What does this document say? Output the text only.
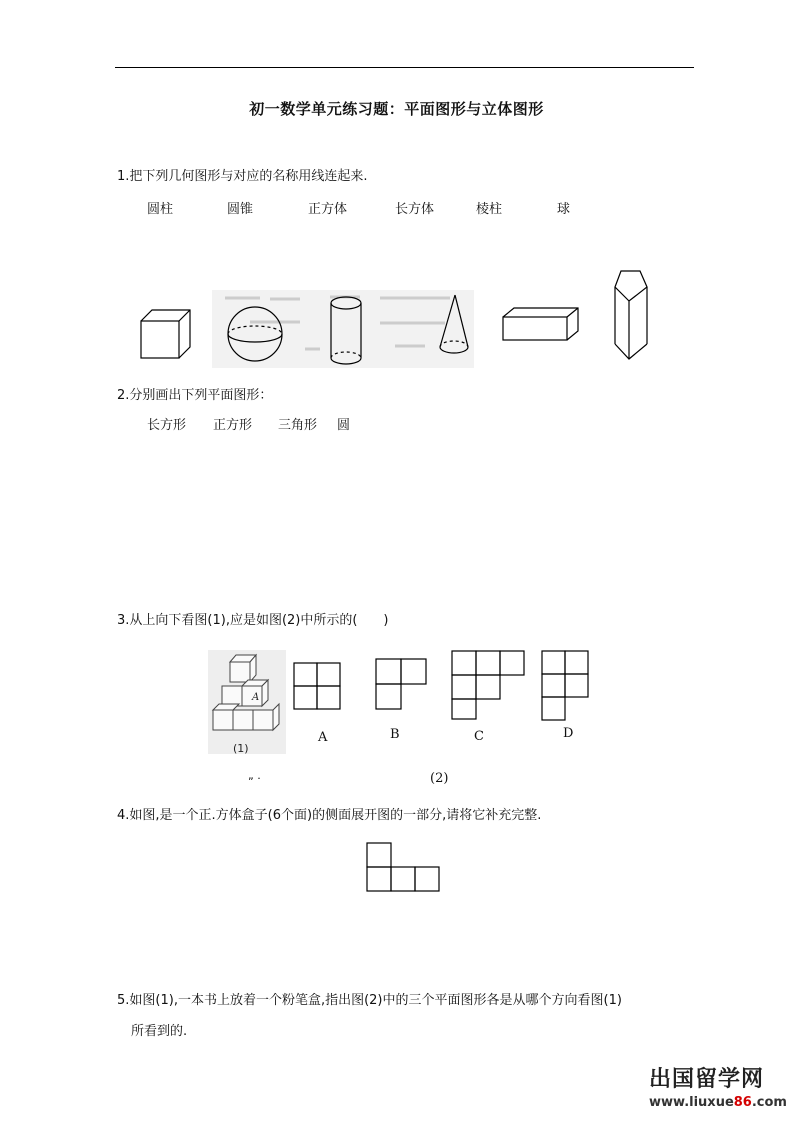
初一数学单元练习题：平面图形与立体图形
1.把下列几何图形与对应的名称用线连起来.
圆柱	圆锥	正方体	长方体	棱柱	球
2.分别画出下列平面图形：
长方形 正方形 三角形 圆
3.从上向下看图(1),应是如图(2)中所示的(　　)
A
(1)
A	B	C	D
„ .	(2)
4.如图,是一个正.方体盒子(6个面)的侧面展开图的一部分,请将它补充完整.
5.如图(1),一本书上放着一个粉笔盒,指出图(2)中的三个平面图形各是从哪个方向看图(1)
所看到的.
出国留学网
www.liuxue86.com
